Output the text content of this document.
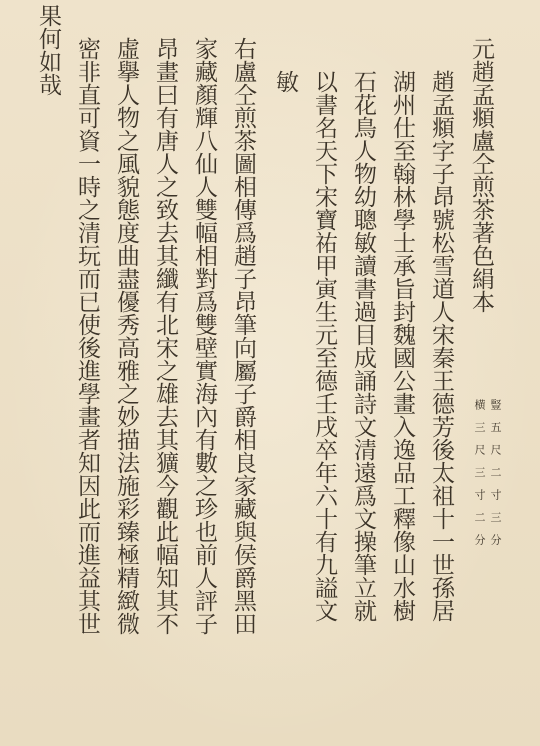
元趙孟頫盧仝煎茶著色絹本

豎五尺二寸三分

横三尺三寸二分

趙孟頫字子昂號松雪道人宋秦王德芳後太祖十一世孫居

湖州仕至翰林學士承旨封魏國公畫入逸品工釋像山水樹

石花鳥人物幼聰敏讀書過目成誦詩文清遠爲文操筆立就

以書名天下宋寶祐甲寅生元至德壬戌卒年六十有九謚文

敏

右盧仝煎茶圖相傳爲趙子昂筆向屬子爵相良家藏與侯爵黑田

家藏顏輝八仙人雙幅相對爲雙壁實海內有數之珍也前人評子

昂畫曰有唐人之致去其纖有北宋之雄去其獷今觀此幅知其不

虛擧人物之風貌態度曲盡優秀高雅之妙描法施彩臻極精緻微

密非直可資一時之清玩而已使後進學畫者知因此而進益其世

果何如哉
